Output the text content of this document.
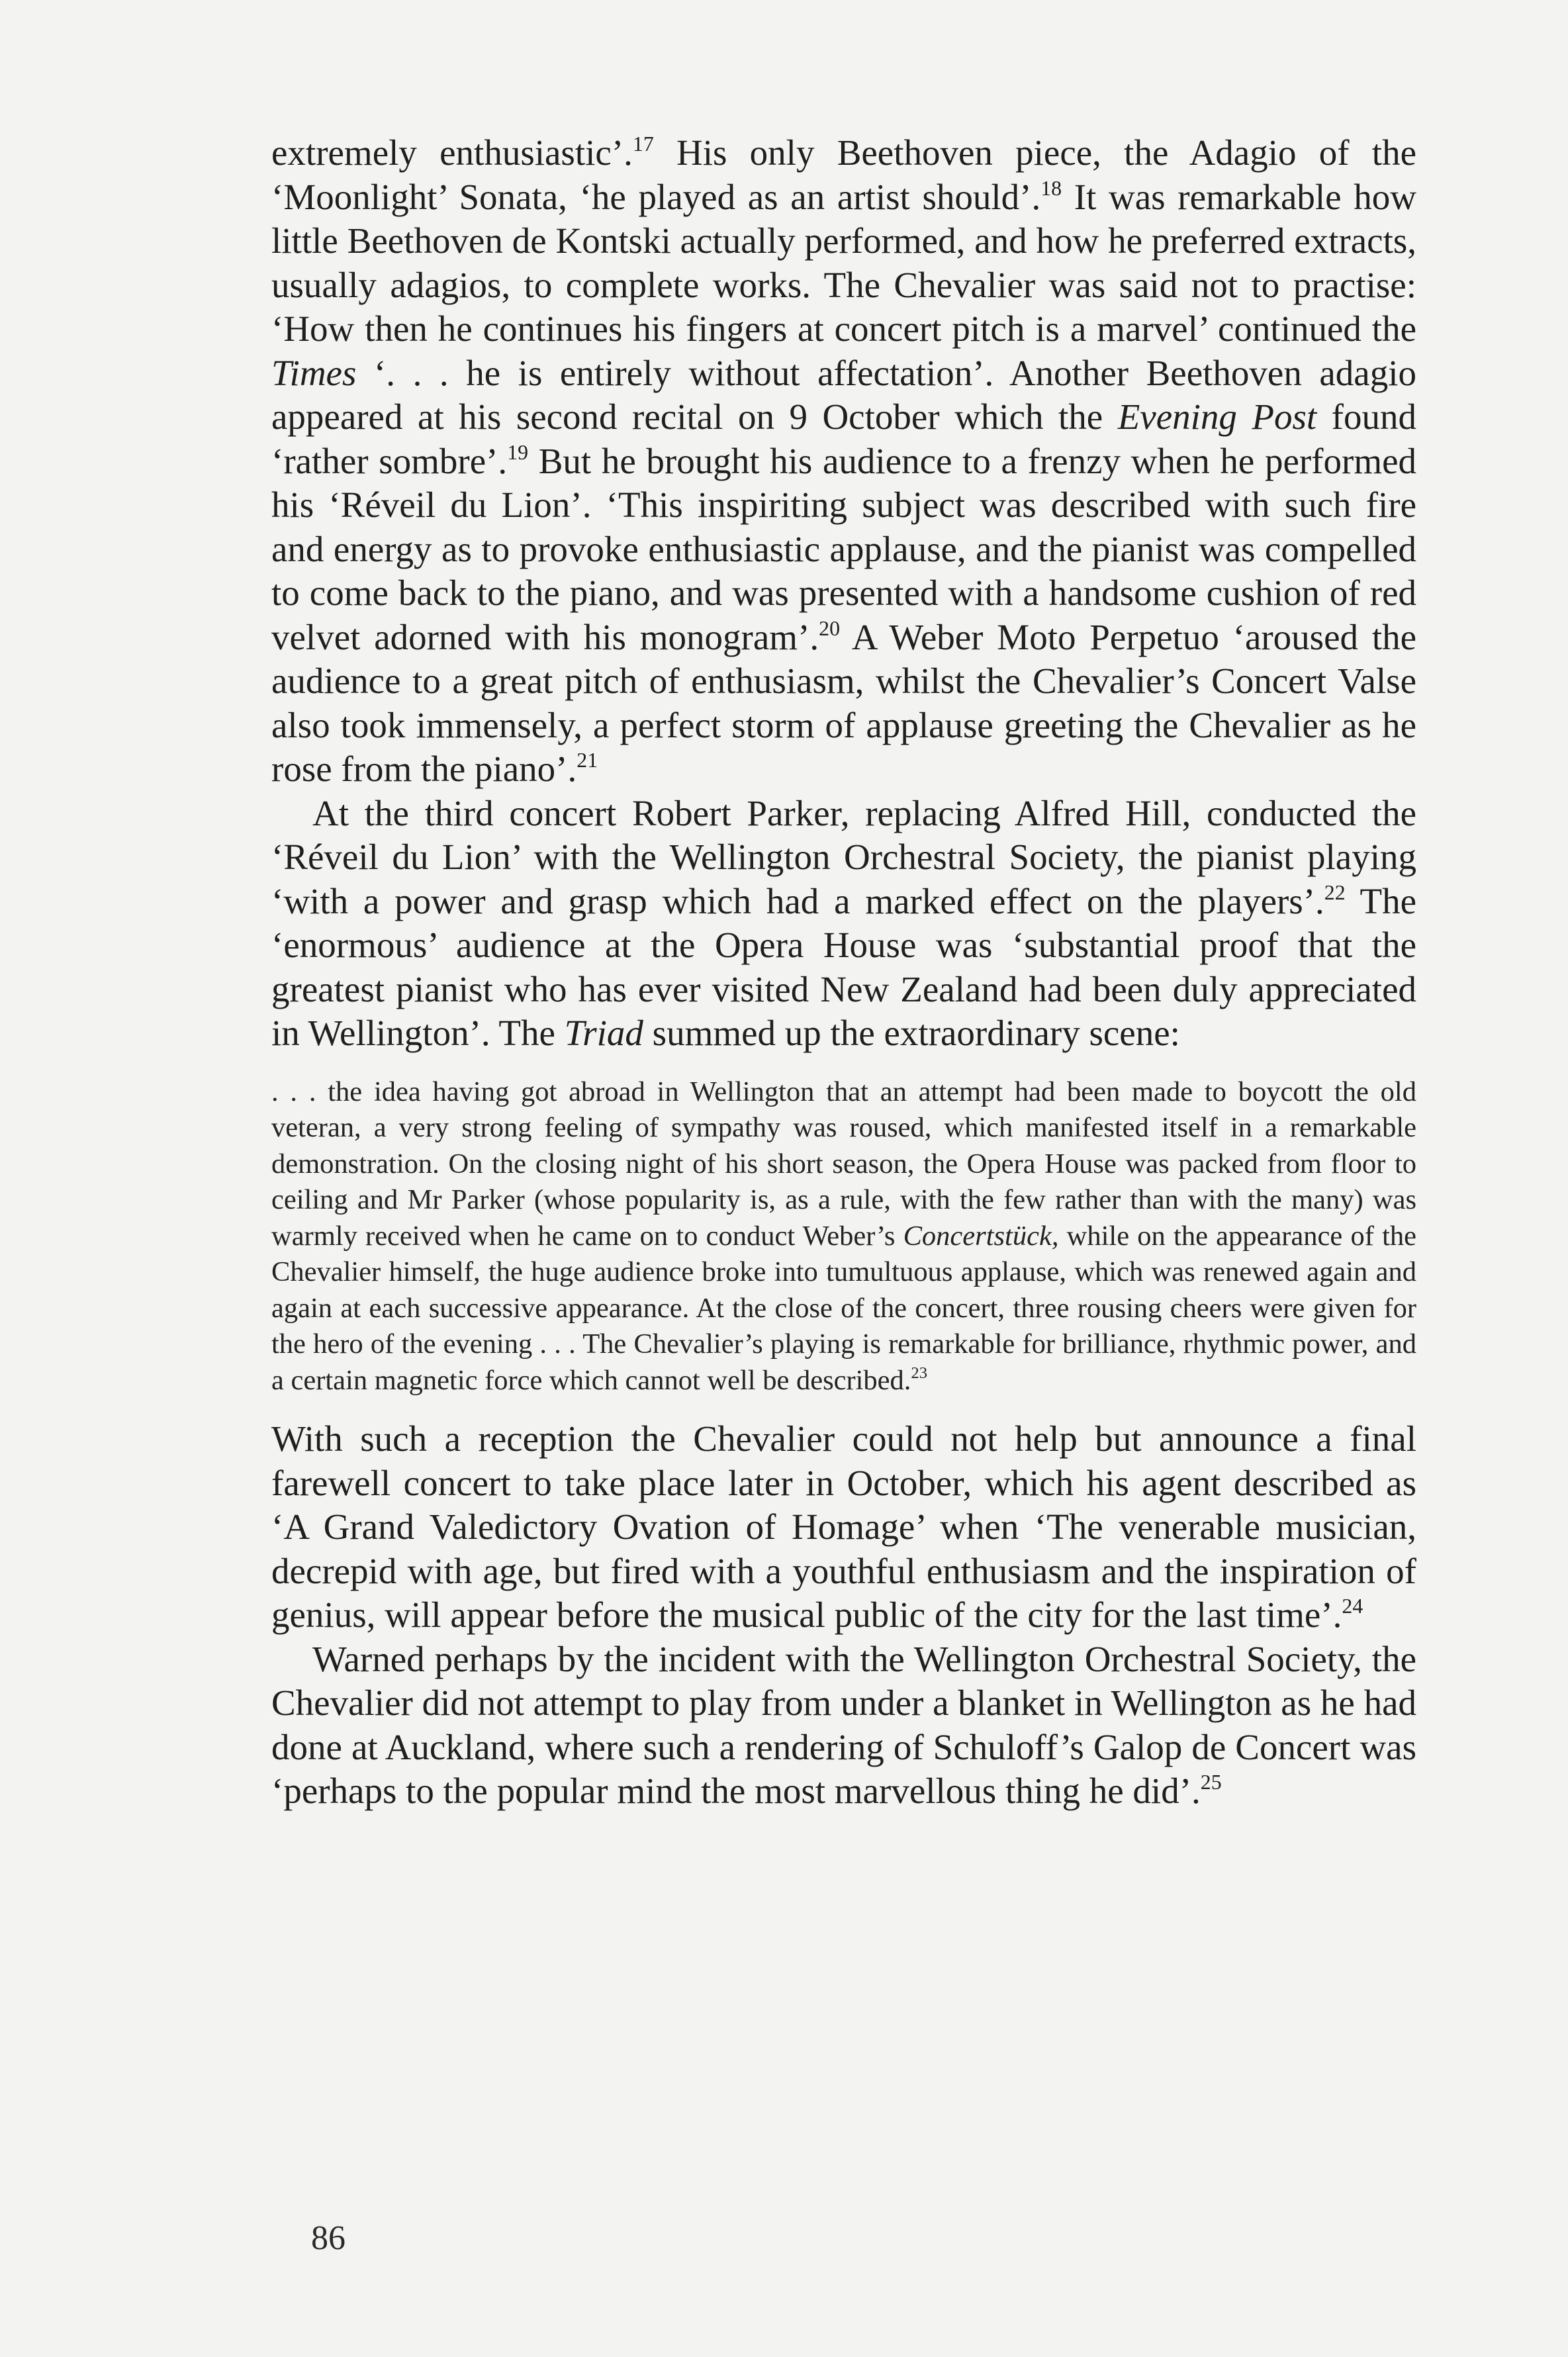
extremely enthusiastic’.$^{17}$ His only Beethoven piece, the Adagio of the ‘Moonlight’ Sonata, ‘he played as an artist should’.$^{18}$ It was remarkable how little Beethoven de Kontski actually performed, and how he preferred extracts, usually adagios, to complete works. The Chevalier was said not to practise: ‘How then he continues his fingers at concert pitch is a marvel’ continued the Times ‘. . . he is entirely without affectation’. Another Beethoven adagio appeared at his second recital on 9 October which the Evening Post found ‘rather sombre’.$^{19}$ But he brought his audience to a frenzy when he performed his ‘Réveil du Lion’. ‘This inspiriting subject was described with such fire and energy as to provoke enthusiastic applause, and the pianist was compelled to come back to the piano, and was presented with a handsome cushion of red velvet adorned with his monogram’.$^{20}$ A Weber Moto Perpetuo ‘aroused the audience to a great pitch of enthusiasm, whilst the Chevalier’s Concert Valse also took immensely, a perfect storm of applause greeting the Chevalier as he rose from the piano’.$^{21}$

At the third concert Robert Parker, replacing Alfred Hill, conducted the ‘Réveil du Lion’ with the Wellington Orchestral Society, the pianist playing ‘with a power and grasp which had a marked effect on the players’.$^{22}$ The ‘enormous’ audience at the Opera House was ‘substantial proof that the greatest pianist who has ever visited New Zealand had been duly appreciated in Wellington’. The Triad summed up the extraordinary scene:

. . . the idea having got abroad in Wellington that an attempt had been made to boycott the old veteran, a very strong feeling of sympathy was roused, which manifested itself in a remarkable demonstration. On the closing night of his short season, the Opera House was packed from floor to ceiling and Mr Parker (whose popularity is, as a rule, with the few rather than with the many) was warmly received when he came on to conduct Weber’s Concertstück, while on the appearance of the Chevalier himself, the huge audience broke into tumultuous applause, which was renewed again and again at each successive appearance. At the close of the concert, three rousing cheers were given for the hero of the evening . . . The Chevalier’s playing is remarkable for brilliance, rhythmic power, and a certain magnetic force which cannot well be described.$^{23}$

With such a reception the Chevalier could not help but announce a final farewell concert to take place later in October, which his agent described as ‘A Grand Valedictory Ovation of Homage’ when ‘The venerable musician, decrepid with age, but fired with a youthful enthusiasm and the inspiration of genius, will appear before the musical public of the city for the last time’.$^{24}$

Warned perhaps by the incident with the Wellington Orchestral Society, the Chevalier did not attempt to play from under a blanket in Wellington as he had done at Auckland, where such a rendering of Schuloff’s Galop de Concert was ‘perhaps to the popular mind the most marvellous thing he did’.$^{25}$

86
